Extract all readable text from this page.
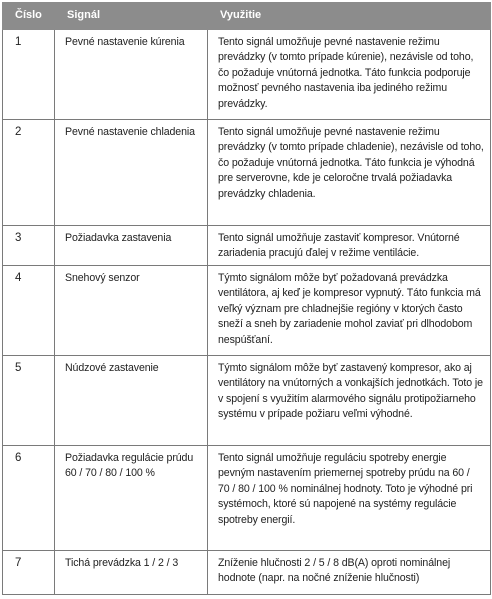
Číslo	Signál	Využitie
1	Pevné nastavenie kúrenia	Tento signál umožňuje pevné nastavenie režimu prevádzky (v tomto prípade kúrenie), nezávisle od toho, čo požaduje vnútorná jednotka. Táto funkcia podporuje možnosť pevného nastavenia iba jediného režimu prevádzky.
2	Pevné nastavenie chladenia	Tento signál umožňuje pevné nastavenie režimu prevádzky (v tomto prípade chladenie), nezávisle od toho, čo požaduje vnútorná jednotka. Táto funkcia je výhodná pre serverovne, kde je celoročne trvalá požiadavka prevádzky chladenia.
3	Požiadavka zastavenia	Tento signál umožňuje zastaviť kompresor. Vnútorné zariadenia pracujú ďalej v režime ventilácie.
4	Snehový senzor	Týmto signálom môže byť požadovaná prevádzka ventilátora, aj keď je kompresor vypnutý. Táto funkcia má veľký význam pre chladnejšie regióny v ktorých často sneží a sneh by zariadenie mohol zaviať pri dlhodobom nespúšťaní.
5	Núdzové zastavenie	Týmto signálom môže byť zastavený kompresor, ako aj ventilátory na vnútorných a vonkajších jednotkách. Toto je v spojení s využitím alarmového signálu protipožiarneho systému v prípade požiaru veľmi výhodné.
6	Požiadavka regulácie prúdu 60 / 70 / 80 / 100 %	Tento signál umožňuje reguláciu spotreby energie pevným nastavením priemernej spotreby prúdu na 60 / 70 / 80 / 100 % nominálnej hodnoty. Toto je výhodné pri systémoch, ktoré sú napojené na systémy regulácie spotreby energií.
7	Tichá prevádzka 1 / 2 / 3	Zníženie hlučnosti 2 / 5 / 8 dB(A) oproti nominálnej hodnote (napr. na nočné zníženie hlučnosti)
